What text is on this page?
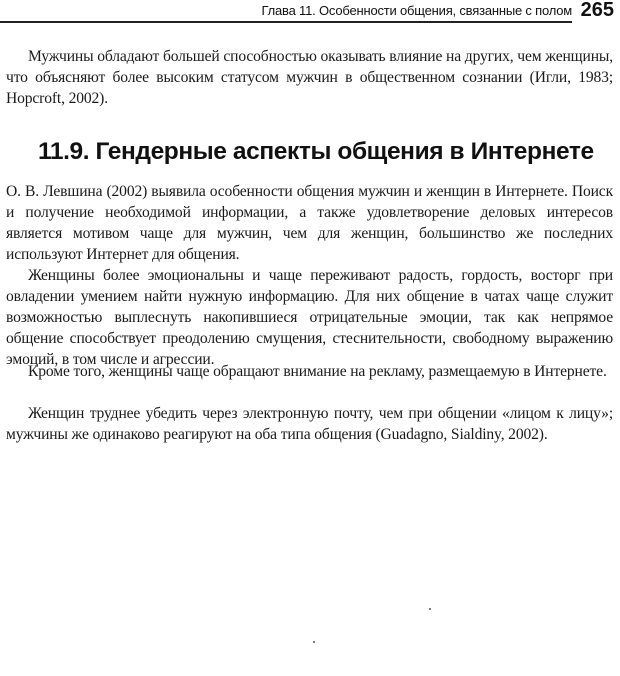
Глава 11. Особенности общения, связанные с полом 265

Мужчины обладают большей способностью оказывать влияние на других, чем женщины, что объясняют более высоким статусом мужчин в общественном сознании (Игли, 1983; Hopcroft, 2002).

11.9. Гендерные аспекты общения в Интернете

О. В. Левшина (2002) выявила особенности общения мужчин и женщин в Интернете. Поиск и получение необходимой информации, а также удовлетворение деловых интересов является мотивом чаще для мужчин, чем для женщин, большинство же последних используют Интернет для общения.

Женщины более эмоциональны и чаще переживают радость, гордость, восторг при овладении умением найти нужную информацию. Для них общение в чатах чаще служит возможностью выплеснуть накопившиеся отрицательные эмоции, так как непрямое общение способствует преодолению смущения, стеснительности, свободному выражению эмоций, в том числе и агрессии.

Кроме того, женщины чаще обращают внимание на рекламу, размещаемую в Интернете.

Женщин труднее убедить через электронную почту, чем при общении «лицом к лицу»; мужчины же одинаково реагируют на оба типа общения (Guadagno, Sialdiny, 2002).
